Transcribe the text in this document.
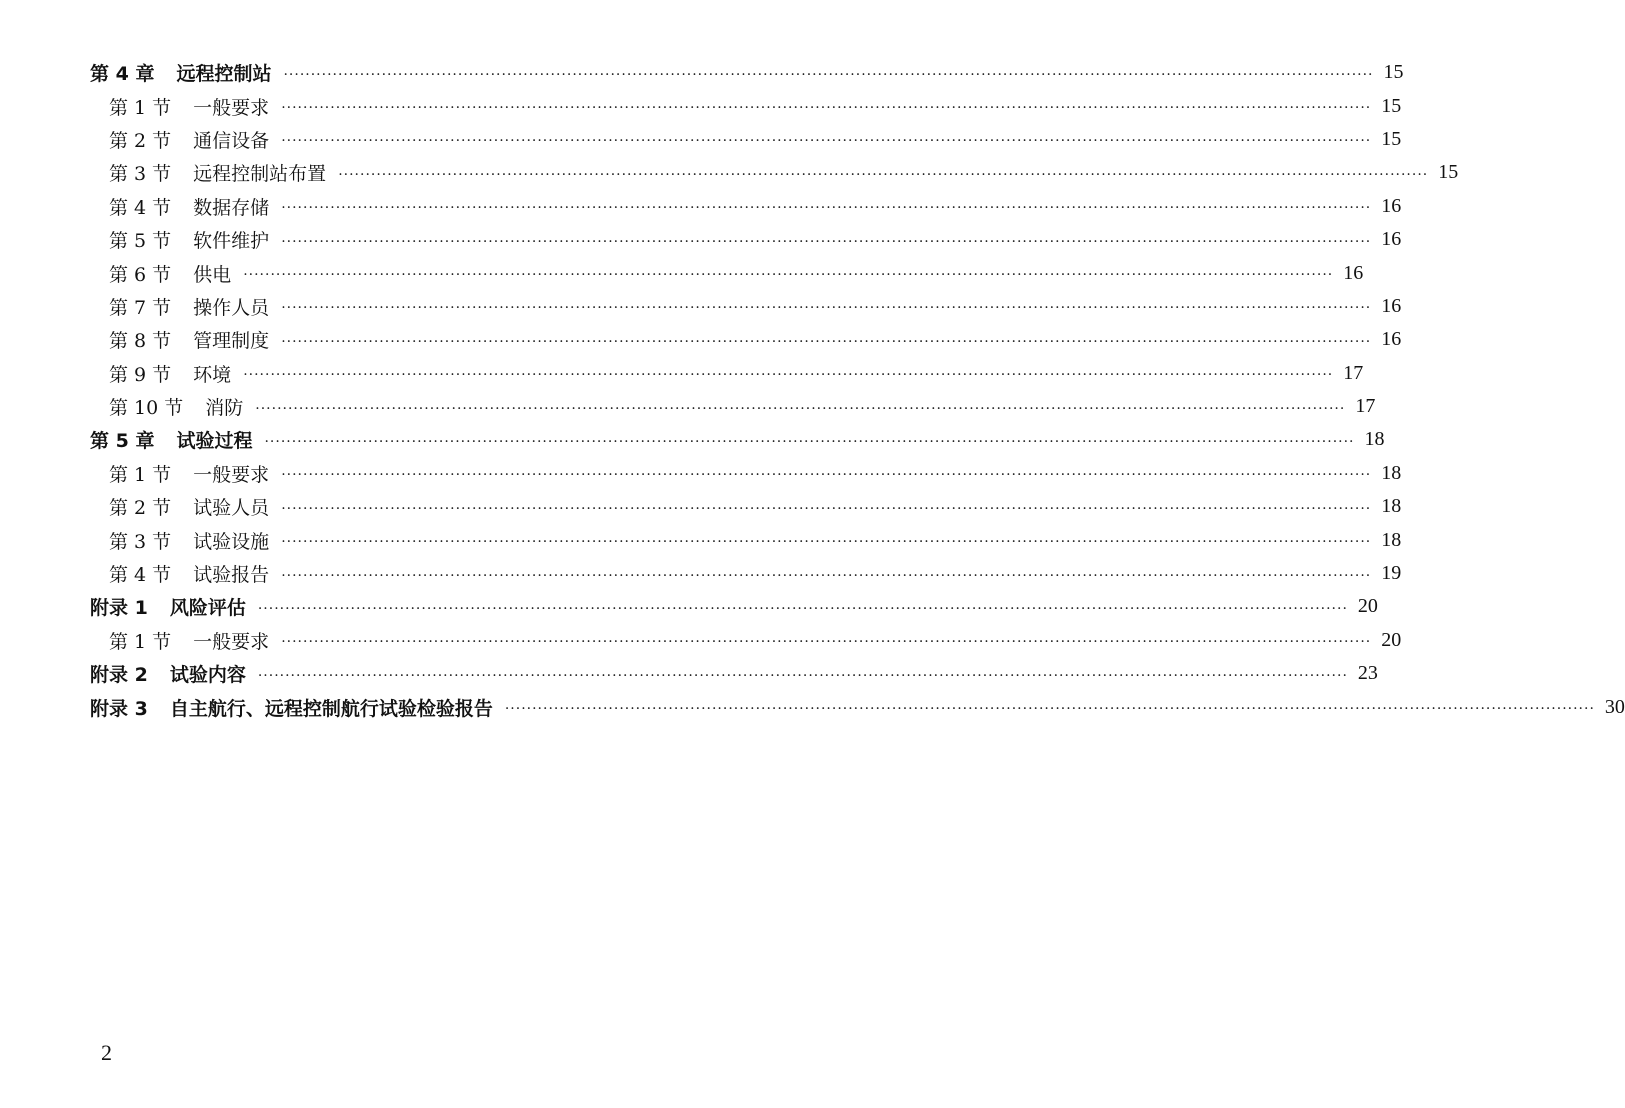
第 4 章 远程控制站 ········································································································································································································ 15
第 1 节 一般要求 ········································································································································································································ 15
第 2 节 通信设备 ········································································································································································································ 15
第 3 节 远程控制站布置 ········································································································································································································ 15
第 4 节 数据存储 ········································································································································································································ 16
第 5 节 软件维护 ········································································································································································································ 16
第 6 节 供电 ········································································································································································································ 16
第 7 节 操作人员 ········································································································································································································ 16
第 8 节 管理制度 ········································································································································································································ 16
第 9 节 环境 ········································································································································································································ 17
第 10 节 消防 ········································································································································································································ 17
第 5 章 试验过程 ········································································································································································································ 18
第 1 节 一般要求 ········································································································································································································ 18
第 2 节 试验人员 ········································································································································································································ 18
第 3 节 试验设施 ········································································································································································································ 18
第 4 节 试验报告 ········································································································································································································ 19
附录 1 风险评估 ········································································································································································································ 20
第 1 节 一般要求 ········································································································································································································ 20
附录 2 试验内容 ········································································································································································································ 23
附录 3 自主航行、远程控制航行试验检验报告 ········································································································································································································ 30
2
